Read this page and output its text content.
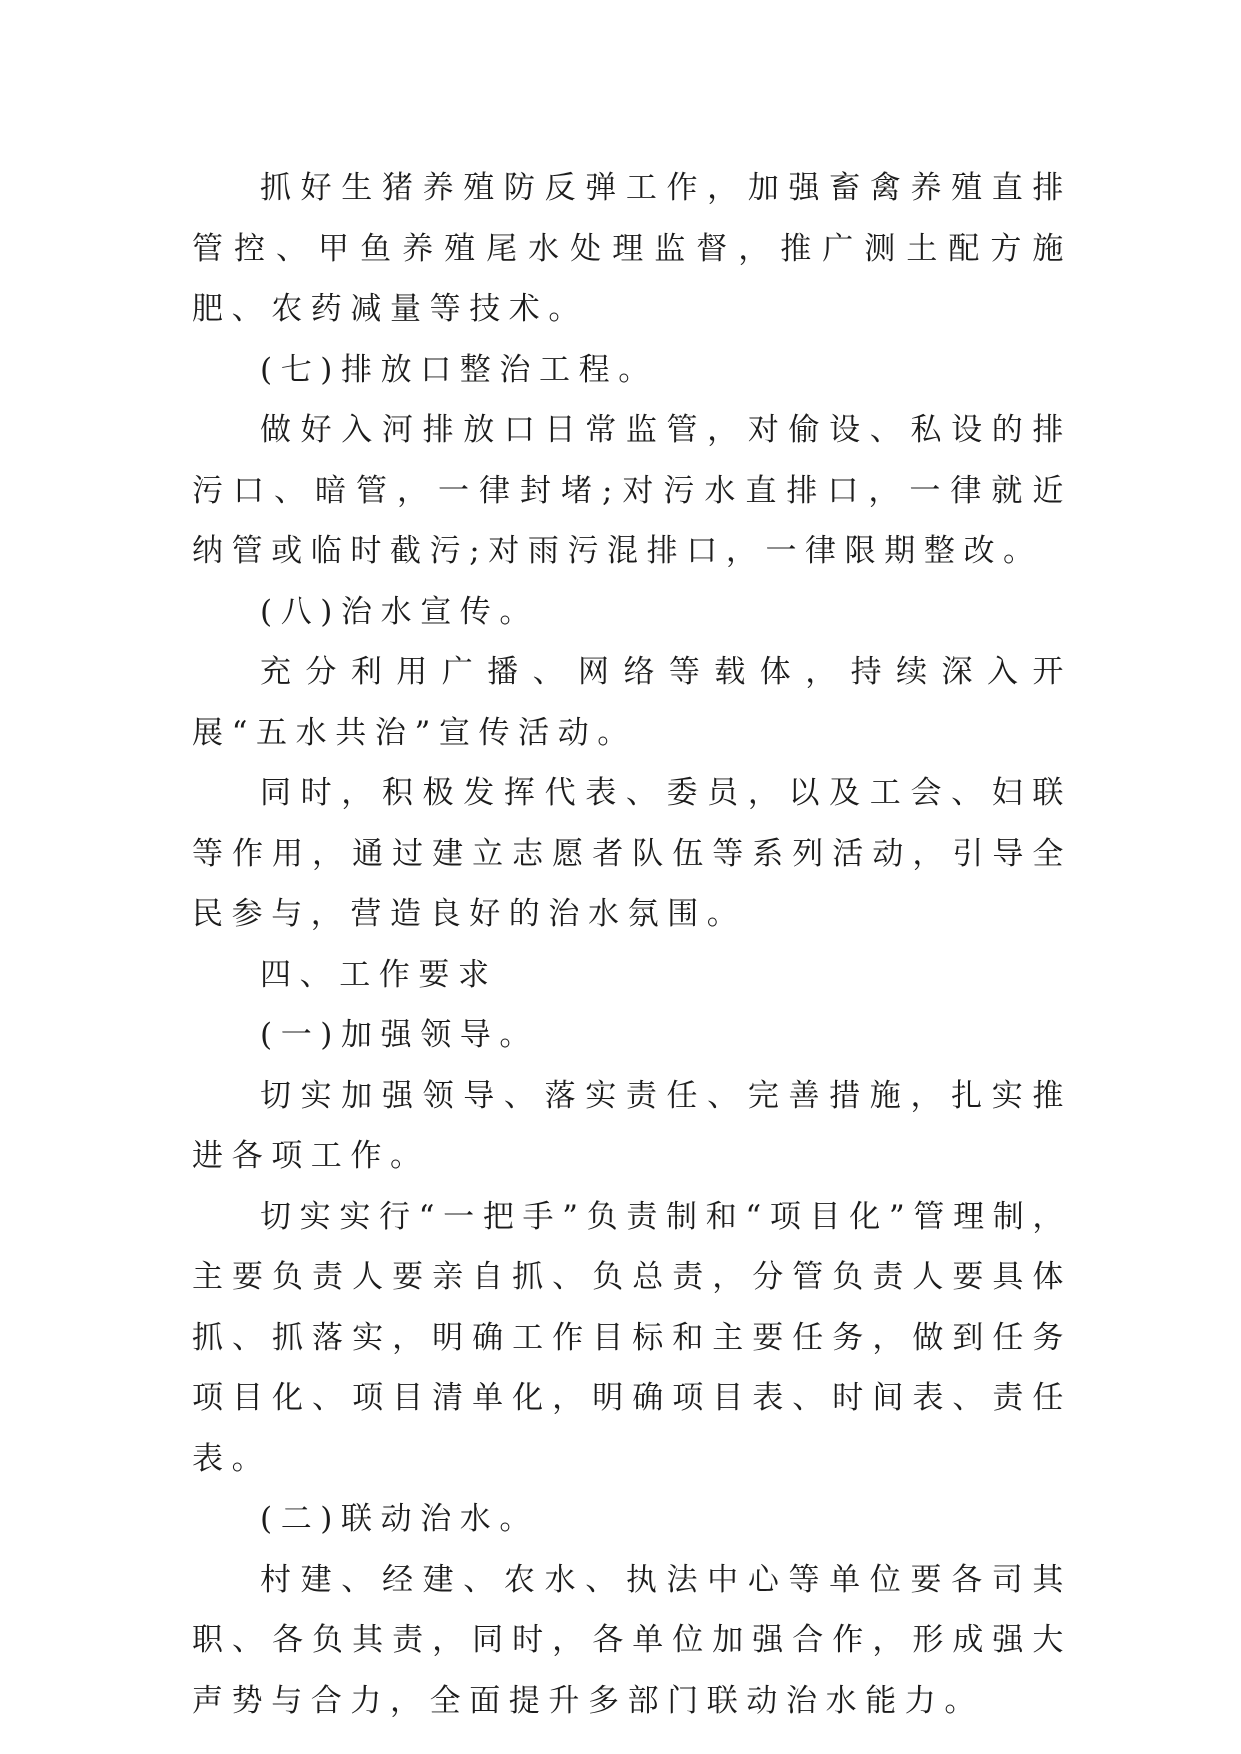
抓好生猪养殖防反弹工作，加强畜禽养殖直排管控、甲鱼养殖尾水处理监督，推广测土配方施肥、农药减量等技术。

(七)排放口整治工程。

做好入河排放口日常监管，对偷设、私设的排污口、暗管，一律封堵;对污水直排口，一律就近纳管或临时截污;对雨污混排口，一律限期整改。

(八)治水宣传。

充分利用广播、网络等载体，持续深入开展“五水共治”宣传活动。

同时，积极发挥代表、委员，以及工会、妇联等作用，通过建立志愿者队伍等系列活动，引导全民参与，营造良好的治水氛围。

四、工作要求

(一)加强领导。

切实加强领导、落实责任、完善措施，扎实推进各项工作。

切实实行“一把手”负责制和“项目化”管理制，主要负责人要亲自抓、负总责，分管负责人要具体抓、抓落实，明确工作目标和主要任务，做到任务项目化、项目清单化，明确项目表、时间表、责任表。

(二)联动治水。

村建、经建、农水、执法中心等单位要各司其职、各负其责，同时，各单位加强合作，形成强大声势与合力，全面提升多部门联动治水能力。
